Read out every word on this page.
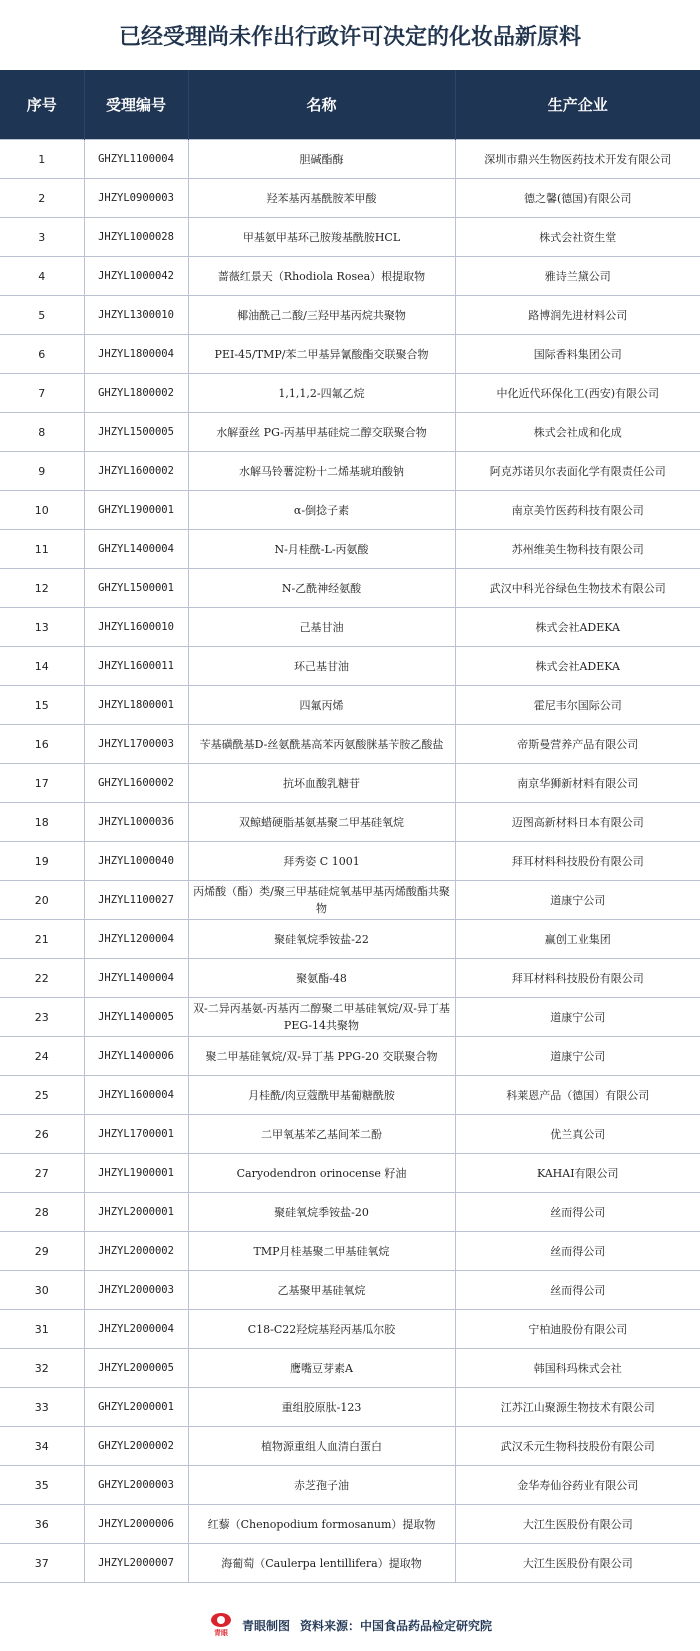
已经受理尚未作出行政许可决定的化妆品新原料
序号	受理编号	名称	生产企业
1	GHZYL1100004	胆碱酯酶	深圳市鼎兴生物医药技术开发有限公司
2	JHZYL0900003	羟苯基丙基酰胺苯甲酸	德之馨(德国)有限公司
3	JHZYL1000028	甲基氨甲基环己胺羧基酰胺HCL	株式会社资生堂
4	JHZYL1000042	蔷薇红景天（Rhodiola Rosea）根提取物	雅诗兰黛公司
5	JHZYL1300010	椰油酰己二酸/三羟甲基丙烷共聚物	路博润先进材料公司
6	JHZYL1800004	PEI-45/TMP/苯二甲基异氰酸酯交联聚合物	国际香料集团公司
7	GHZYL1800002	1,1,1,2-四氟乙烷	中化近代环保化工(西安)有限公司
8	JHZYL1500005	水解蚕丝 PG-丙基甲基硅烷二醇交联聚合物	株式会社成和化成
9	JHZYL1600002	水解马铃薯淀粉十二烯基琥珀酸钠	阿克苏诺贝尔表面化学有限责任公司
10	GHZYL1900001	α-倒捻子素	南京美竹医药科技有限公司
11	GHZYL1400004	N-月桂酰-L-丙氨酸	苏州维美生物科技有限公司
12	GHZYL1500001	N-乙酰神经氨酸	武汉中科光谷绿色生物技术有限公司
13	JHZYL1600010	己基甘油	株式会社ADEKA
14	JHZYL1600011	环己基甘油	株式会社ADEKA
15	JHZYL1800001	四氟丙烯	霍尼韦尔国际公司
16	JHZYL1700003	苄基磺酰基D-丝氨酰基高苯丙氨酸脒基苄胺乙酸盐	帝斯曼营养产品有限公司
17	GHZYL1600002	抗坏血酸乳糖苷	南京华狮新材料有限公司
18	JHZYL1000036	双鲸蜡硬脂基氨基聚二甲基硅氧烷	迈图高新材料日本有限公司
19	JHZYL1000040	拜秀姿 C 1001	拜耳材料科技股份有限公司
20	JHZYL1100027	丙烯酸（酯）类/聚三甲基硅烷氧基甲基丙烯酸酯共聚物	道康宁公司
21	JHZYL1200004	聚硅氧烷季铵盐-22	赢创工业集团
22	JHZYL1400004	聚氨酯-48	拜耳材料科技股份有限公司
23	JHZYL1400005	双-二异丙基氨-丙基丙二醇聚二甲基硅氧烷/双-异丁基PEG-14共聚物	道康宁公司
24	JHZYL1400006	聚二甲基硅氧烷/双-异丁基 PPG-20 交联聚合物	道康宁公司
25	JHZYL1600004	月桂酰/肉豆蔻酰甲基葡糖酰胺	科莱恩产品（德国）有限公司
26	JHZYL1700001	二甲氧基苯乙基间苯二酚	优兰真公司
27	JHZYL1900001	Caryodendron orinocense 籽油	KAHAI有限公司
28	JHZYL2000001	聚硅氧烷季铵盐-20	丝而得公司
29	JHZYL2000002	TMP月桂基聚二甲基硅氧烷	丝而得公司
30	JHZYL2000003	乙基聚甲基硅氧烷	丝而得公司
31	JHZYL2000004	C18-C22羟烷基羟丙基瓜尔胶	宁柏迪股份有限公司
32	JHZYL2000005	鹰嘴豆芽素A	韩国科玛株式会社
33	GHZYL2000001	重组胶原肽-123	江苏江山聚源生物技术有限公司
34	GHZYL2000002	植物源重组人血清白蛋白	武汉禾元生物科技股份有限公司
35	GHZYL2000003	赤芝孢子油	金华寿仙谷药业有限公司
36	JHZYL2000006	红藜（Chenopodium formosanum）提取物	大江生医股份有限公司
37	JHZYL2000007	海葡萄（Caulerpa lentillifera）提取物	大江生医股份有限公司
青眼 青眼制图 资料来源：中国食品药品检定研究院
